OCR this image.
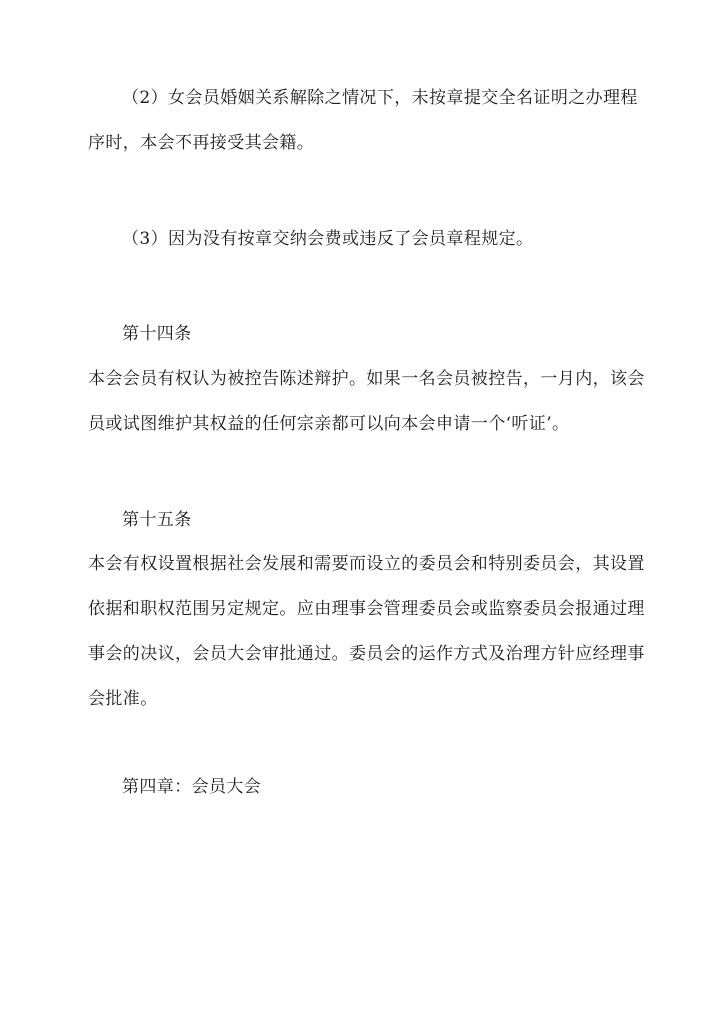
（2）女会员婚姻关系解除之情况下，未按章提交全名证明之办理程
序时，本会不再接受其会籍。
（3）因为没有按章交纳会费或违反了会员章程规定。
第十四条
本会会员有权认为被控告陈述辩护。如果一名会员被控告，一月内，该会
员或试图维护其权益的任何宗亲都可以向本会申请一个‘听证’。
第十五条
本会有权设置根据社会发展和需要而设立的委员会和特别委员会，其设置
依据和职权范围另定规定。应由理事会管理委员会或监察委员会报通过理
事会的决议，会员大会审批通过。委员会的运作方式及治理方针应经理事
会批准。
第四章：会员大会
